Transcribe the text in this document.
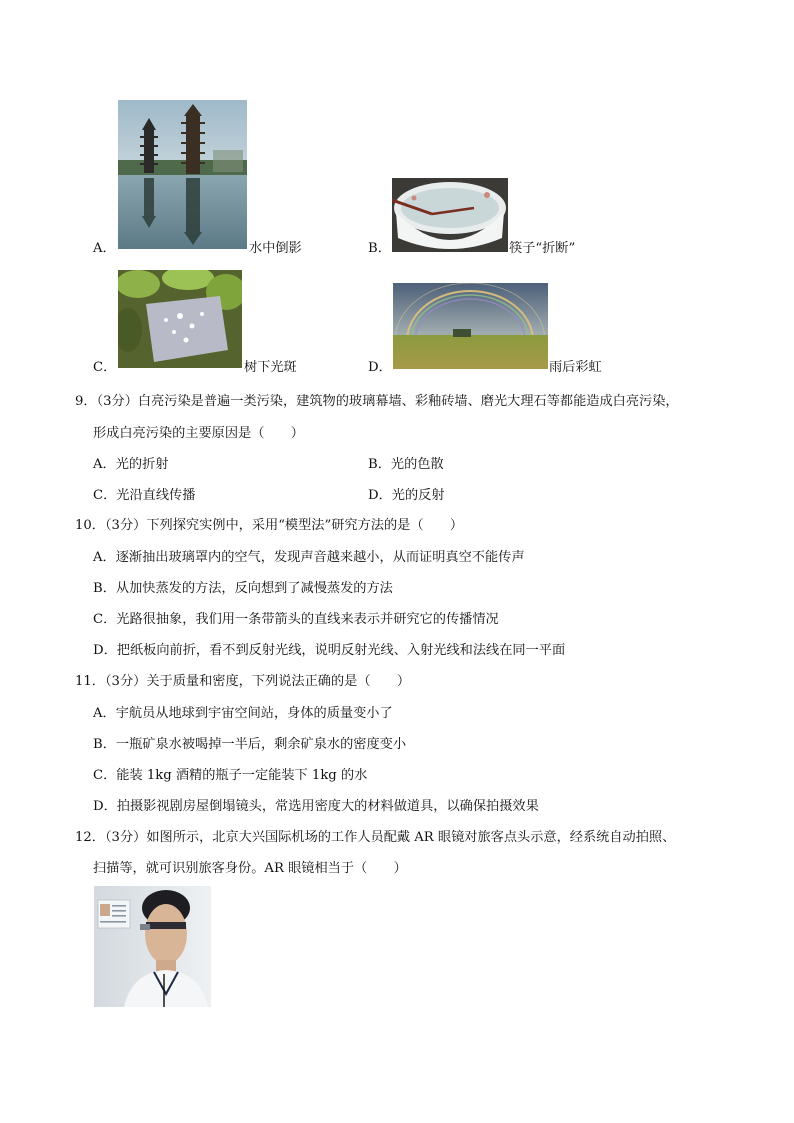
A．	水中倒影	B．	筷子“折断”
C．	树下光斑	D．	雨后彩虹
9．（3分）白亮污染是普遍一类污染，建筑物的玻璃幕墙、彩釉砖墙、磨光大理石等都能造成白亮污染，
形成白亮污染的主要原因是（　　）
A．光的折射	B．光的色散
C．光沿直线传播	D．光的反射
10．（3分）下列探究实例中，采用“模型法”研究方法的是（　　）
A．逐渐抽出玻璃罩内的空气，发现声音越来越小，从而证明真空不能传声
B．从加快蒸发的方法，反向想到了减慢蒸发的方法
C．光路很抽象，我们用一条带箭头的直线来表示并研究它的传播情况
D．把纸板向前折，看不到反射光线，说明反射光线、入射光线和法线在同一平面
11．（3分）关于质量和密度，下列说法正确的是（　　）
A．宇航员从地球到宇宙空间站，身体的质量变小了
B．一瓶矿泉水被喝掉一半后，剩余矿泉水的密度变小
C．能装 1kg 酒精的瓶子一定能装下 1kg 的水
D．拍摄影视剧房屋倒塌镜头，常选用密度大的材料做道具，以确保拍摄效果
12．（3分）如图所示，北京大兴国际机场的工作人员配戴 AR 眼镜对旅客点头示意，经系统自动拍照、
扫描等，就可识别旅客身份。AR 眼镜相当于（　　）
